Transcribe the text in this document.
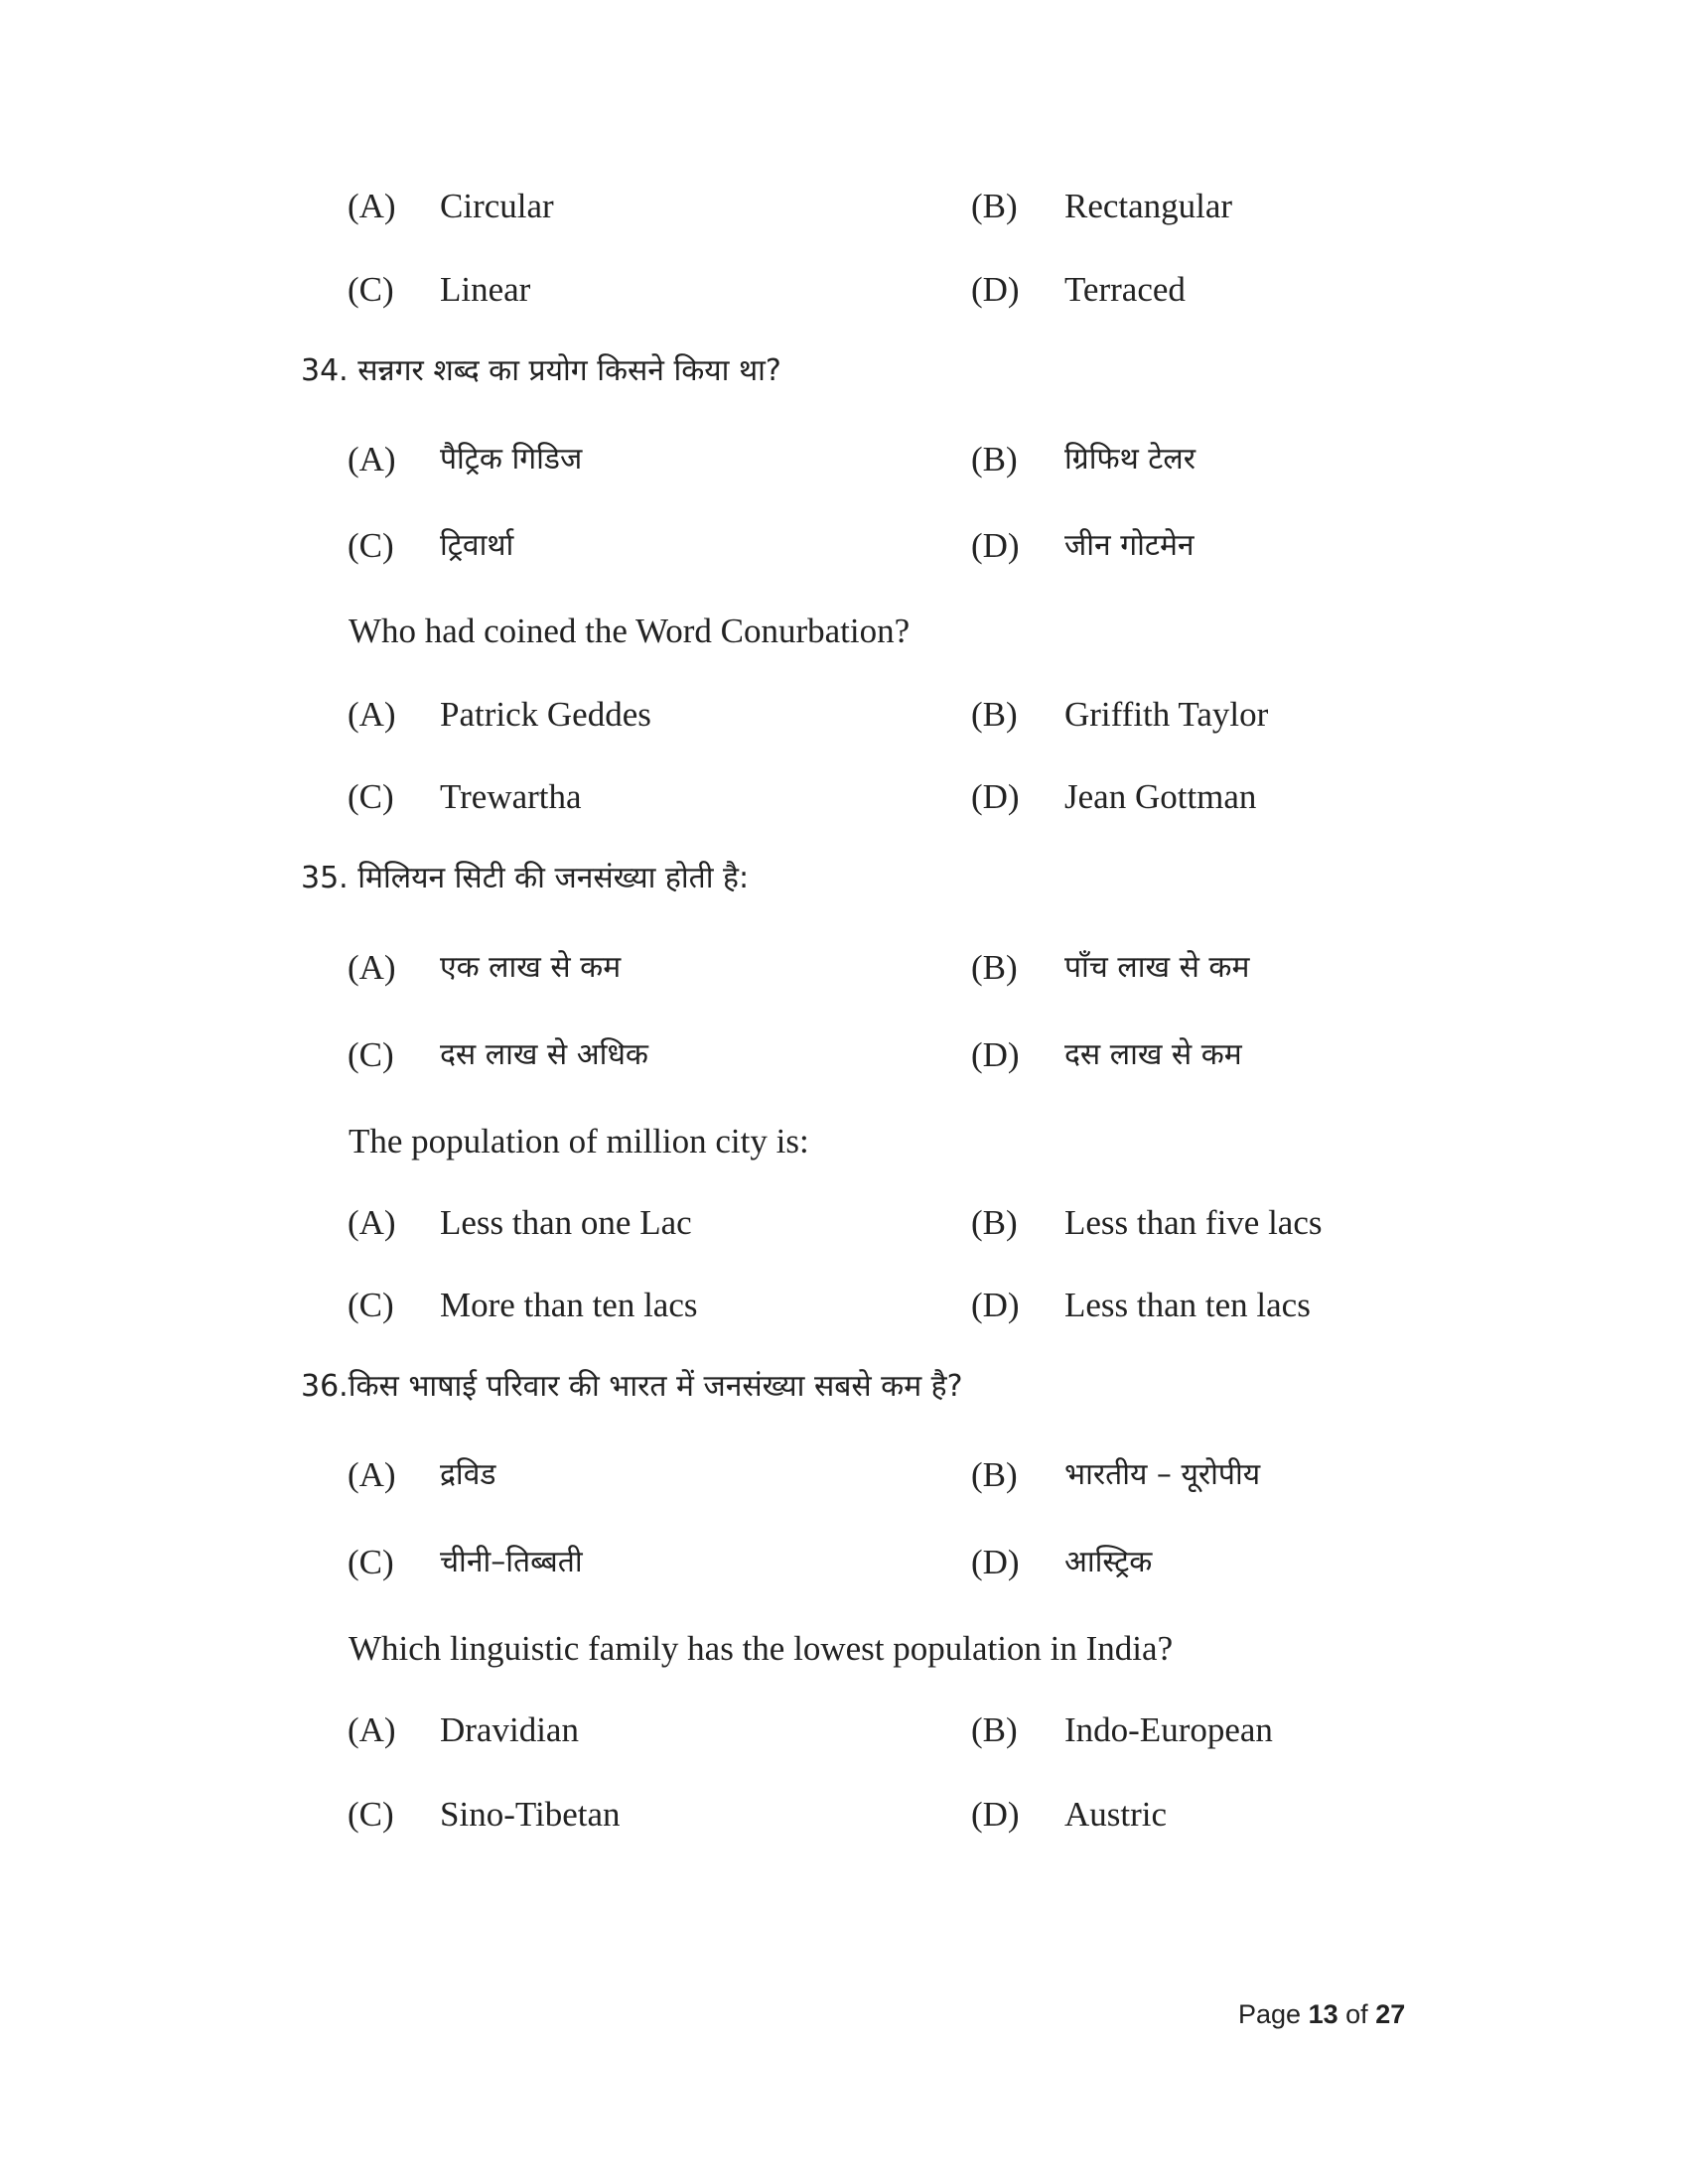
(A) Circular	(B) Rectangular
(C) Linear	(D) Terraced
34. सन्नगर शब्द का प्रयोग किसने किया था?
(A) पैट्रिक गिडिज	(B) ग्रिफिथ टेलर
(C) ट्रिवार्था	(D) जीन गोटमेन
Who had coined the Word Conurbation?
(A) Patrick Geddes	(B) Griffith Taylor
(C) Trewartha	(D) Jean Gottman
35. मिलियन सिटी की जनसंख्या होती है:
(A) एक लाख से कम	(B) पाँच लाख से कम
(C) दस लाख से अधिक	(D) दस लाख से कम
The population of million city is:
(A) Less than one Lac	(B) Less than five lacs
(C) More than ten lacs	(D) Less than ten lacs
36.किस भाषाई परिवार की भारत में जनसंख्या सबसे कम है?
(A) द्रविड	(B) भारतीय – यूरोपीय
(C) चीनी–तिब्बती	(D) आस्ट्रिक
Which linguistic family has the lowest population in India?
(A) Dravidian	(B) Indo-European
(C) Sino-Tibetan	(D) Austric
Page 13 of 27
